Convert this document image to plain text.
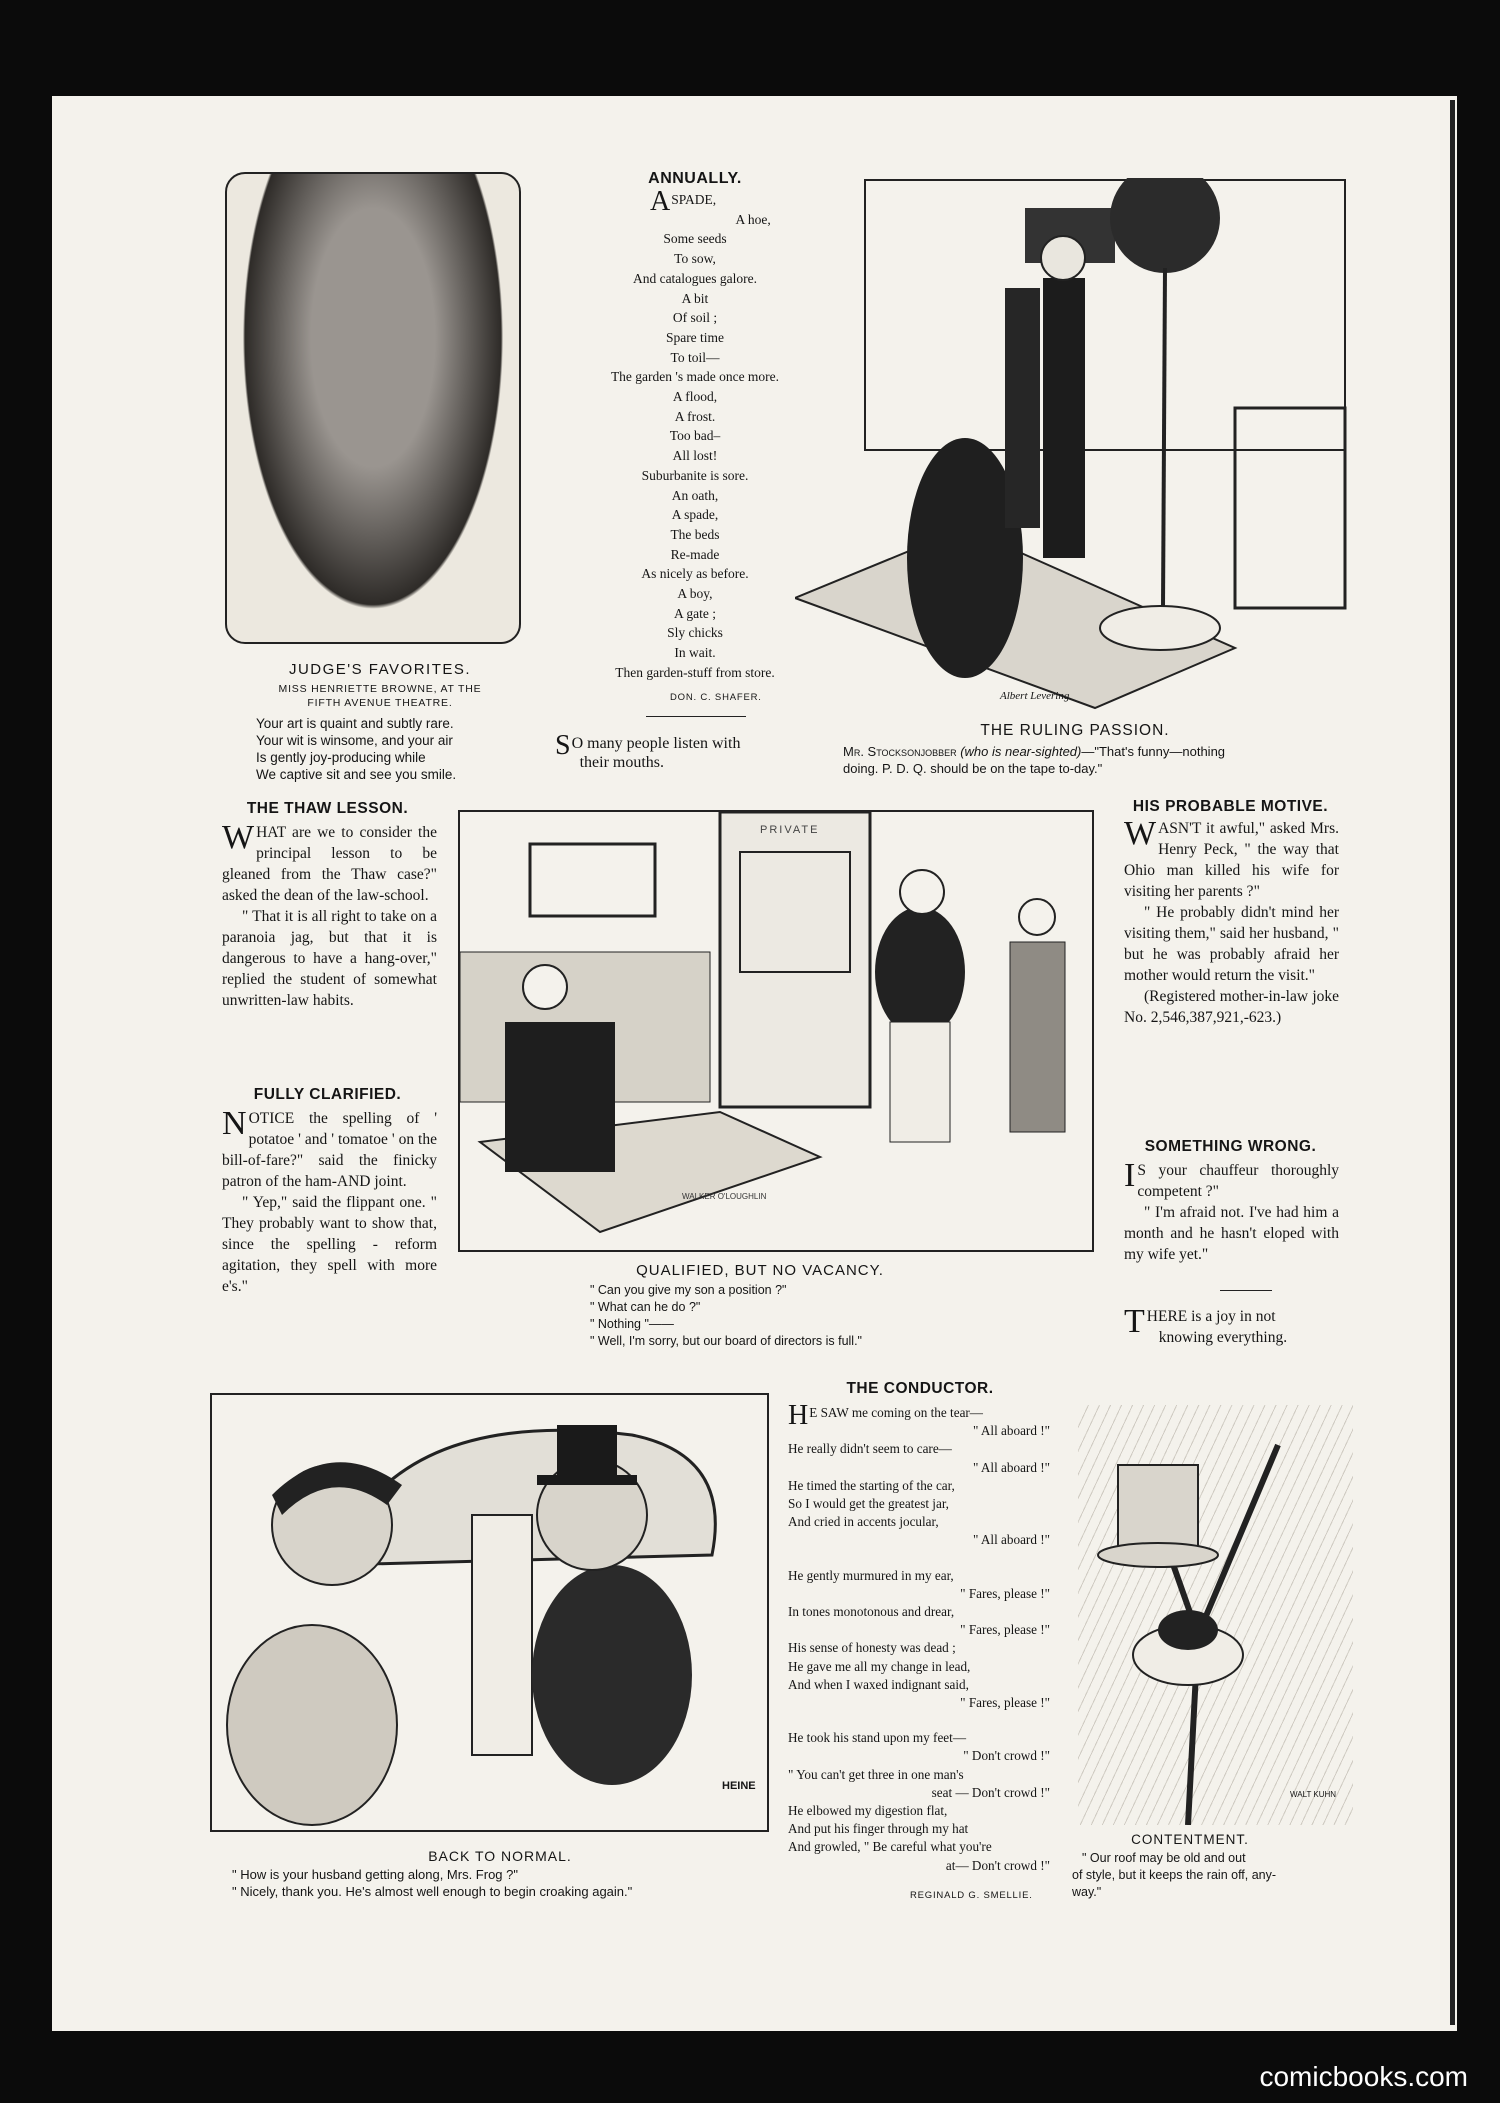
JUDGE'S FAVORITES.
MISS HENRIETTE BROWNE, AT THE
FIFTH AVENUE THEATRE.
Your art is quaint and subtly rare.
Your wit is winsome, and your air
Is gently joy-producing while
We captive sit and see you smile.
ANNUALLY.
ASPADE,
A hoe,
Some seeds
To sow,
And catalogues galore.
A bit
Of soil ;
Spare time
To toil—
The garden 's made once more.
A flood,
A frost.
Too bad–
All lost!
Suburbanite is sore.
An oath,
A spade,
The beds
Re-made
As nicely as before.
A boy,
A gate ;
Sly chicks
In wait.
Then garden-stuff from store.
DON. C. SHAFER.
S O many people listen with
their mouths.
Albert Levering
THE RULING PASSION.
Mr. Stocksonjobber (who is near-sighted)—"That's funny—nothing
doing. P. D. Q. should be on the tape to-day."
THE THAW LESSON.

WHAT are we to consider the principal lesson to be gleaned from the Thaw case?" asked the dean of the law-school.

" That it is all right to take on a paranoia jag, but that it is dangerous to have a hang-over," replied the student of somewhat unwritten-law habits.

FULLY CLARIFIED.

NOTICE the spelling of ' potatoe ' and ' tomatoe ' on the bill-of-fare?" said the finicky patron of the ham-AND joint.

" Yep," said the flippant one. " They probably want to show that, since the spelling - reform agitation, they spell with more e's."

PRIVATE
WALKER O'LOUGHLIN
QUALIFIED, BUT NO VACANCY.
" Can you give my son a position ?"
" What can he do ?"
" Nothing "——
" Well, I'm sorry, but our board of directors is full."
HIS PROBABLE MOTIVE.

WASN'T it awful," asked Mrs. Henry Peck, " the way that Ohio man killed his wife for visiting her parents ?"

" He probably didn't mind her visiting them," said her husband, " but he was probably afraid her mother would return the visit."

(Registered mother-in-law joke No. 2,546,387,921,-623.)

SOMETHING WRONG.

I S your chauffeur thoroughly competent ?"

" I'm afraid not. I've had him a month and he hasn't eloped with my wife yet."

THERE is a joy in not
knowing everything.
HEINE
BACK TO NORMAL.
" How is your husband getting along, Mrs. Frog ?"
" Nicely, thank you. He's almost well enough to begin croaking again."
THE CONDUCTOR.
H E SAW me coming on the tear—
" All aboard !"
He really didn't seem to care—
" All aboard !"
He timed the starting of the car,
So I would get the greatest jar,
And cried in accents jocular,
" All aboard !"
He gently murmured in my ear,
" Fares, please !"
In tones monotonous and drear,
" Fares, please !"
His sense of honesty was dead ;
He gave me all my change in lead,
And when I waxed indignant said,
" Fares, please !"
He took his stand upon my feet—
" Don't crowd !"
" You can't get three in one man's
seat — Don't crowd !"
He elbowed my digestion flat,
And put his finger through my hat
And growled, " Be careful what you're
at— Don't crowd !"
REGINALD G. SMELLIE.
WALT KUHN
CONTENTMENT.
" Our roof may be old and out
of style, but it keeps the rain off, any-
way."
comicbooks.com
